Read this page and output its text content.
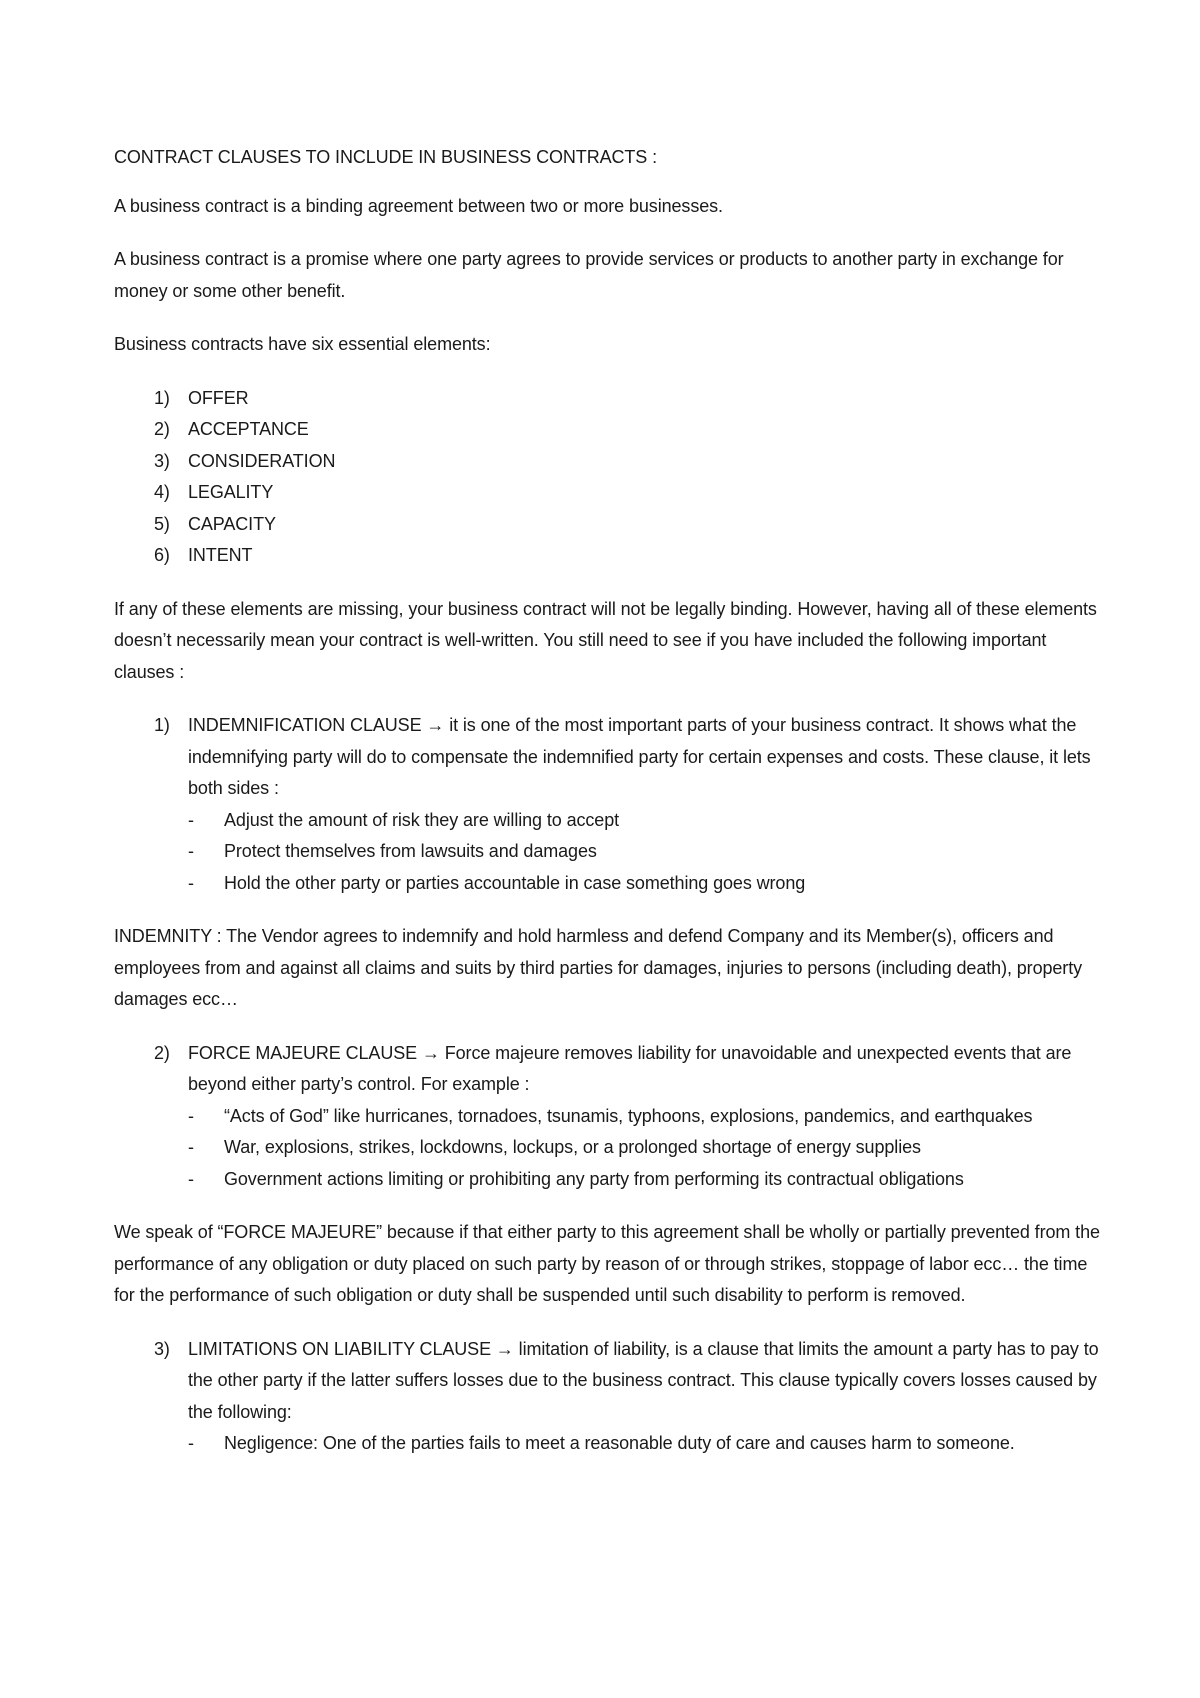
CONTRACT CLAUSES TO INCLUDE IN BUSINESS CONTRACTS :

A business contract is a binding agreement between two or more businesses.

A business contract is a promise where one party agrees to provide services or products to another party in exchange for money or some other benefit.

Business contracts have six essential elements:

1) OFFER
2) ACCEPTANCE
3) CONSIDERATION
4) LEGALITY
5) CAPACITY
6) INTENT

If any of these elements are missing, your business contract will not be legally binding. However, having all of these elements doesn’t necessarily mean your contract is well-written. You still need to see if you have included the following important clauses :

1) INDEMNIFICATION CLAUSE → it is one of the most important parts of your business contract. It shows what the indemnifying party will do to compensate the indemnified party for certain expenses and costs. These clause, it lets both sides :
- Adjust the amount of risk they are willing to accept
- Protect themselves from lawsuits and damages
- Hold the other party or parties accountable in case something goes wrong

INDEMNITY : The Vendor agrees to indemnify and hold harmless and defend Company and its Member(s), officers and employees from and against all claims and suits by third parties for damages, injuries to persons (including death), property damages ecc…

2) FORCE MAJEURE CLAUSE → Force majeure removes liability for unavoidable and unexpected events that are beyond either party’s control. For example :
- “Acts of God” like hurricanes, tornadoes, tsunamis, typhoons, explosions, pandemics, and earthquakes
- War, explosions, strikes, lockdowns, lockups, or a prolonged shortage of energy supplies
- Government actions limiting or prohibiting any party from performing its contractual obligations

We speak of “FORCE MAJEURE” because if that either party to this agreement shall be wholly or partially prevented from the performance of any obligation or duty placed on such party by reason of or through strikes, stoppage of labor ecc… the time for the performance of such obligation or duty shall be suspended until such disability to perform is removed.

3) LIMITATIONS ON LIABILITY CLAUSE → limitation of liability, is a clause that limits the amount a party has to pay to the other party if the latter suffers losses due to the business contract. This clause typically covers losses caused by the following:
- Negligence: One of the parties fails to meet a reasonable duty of care and causes harm to someone.
